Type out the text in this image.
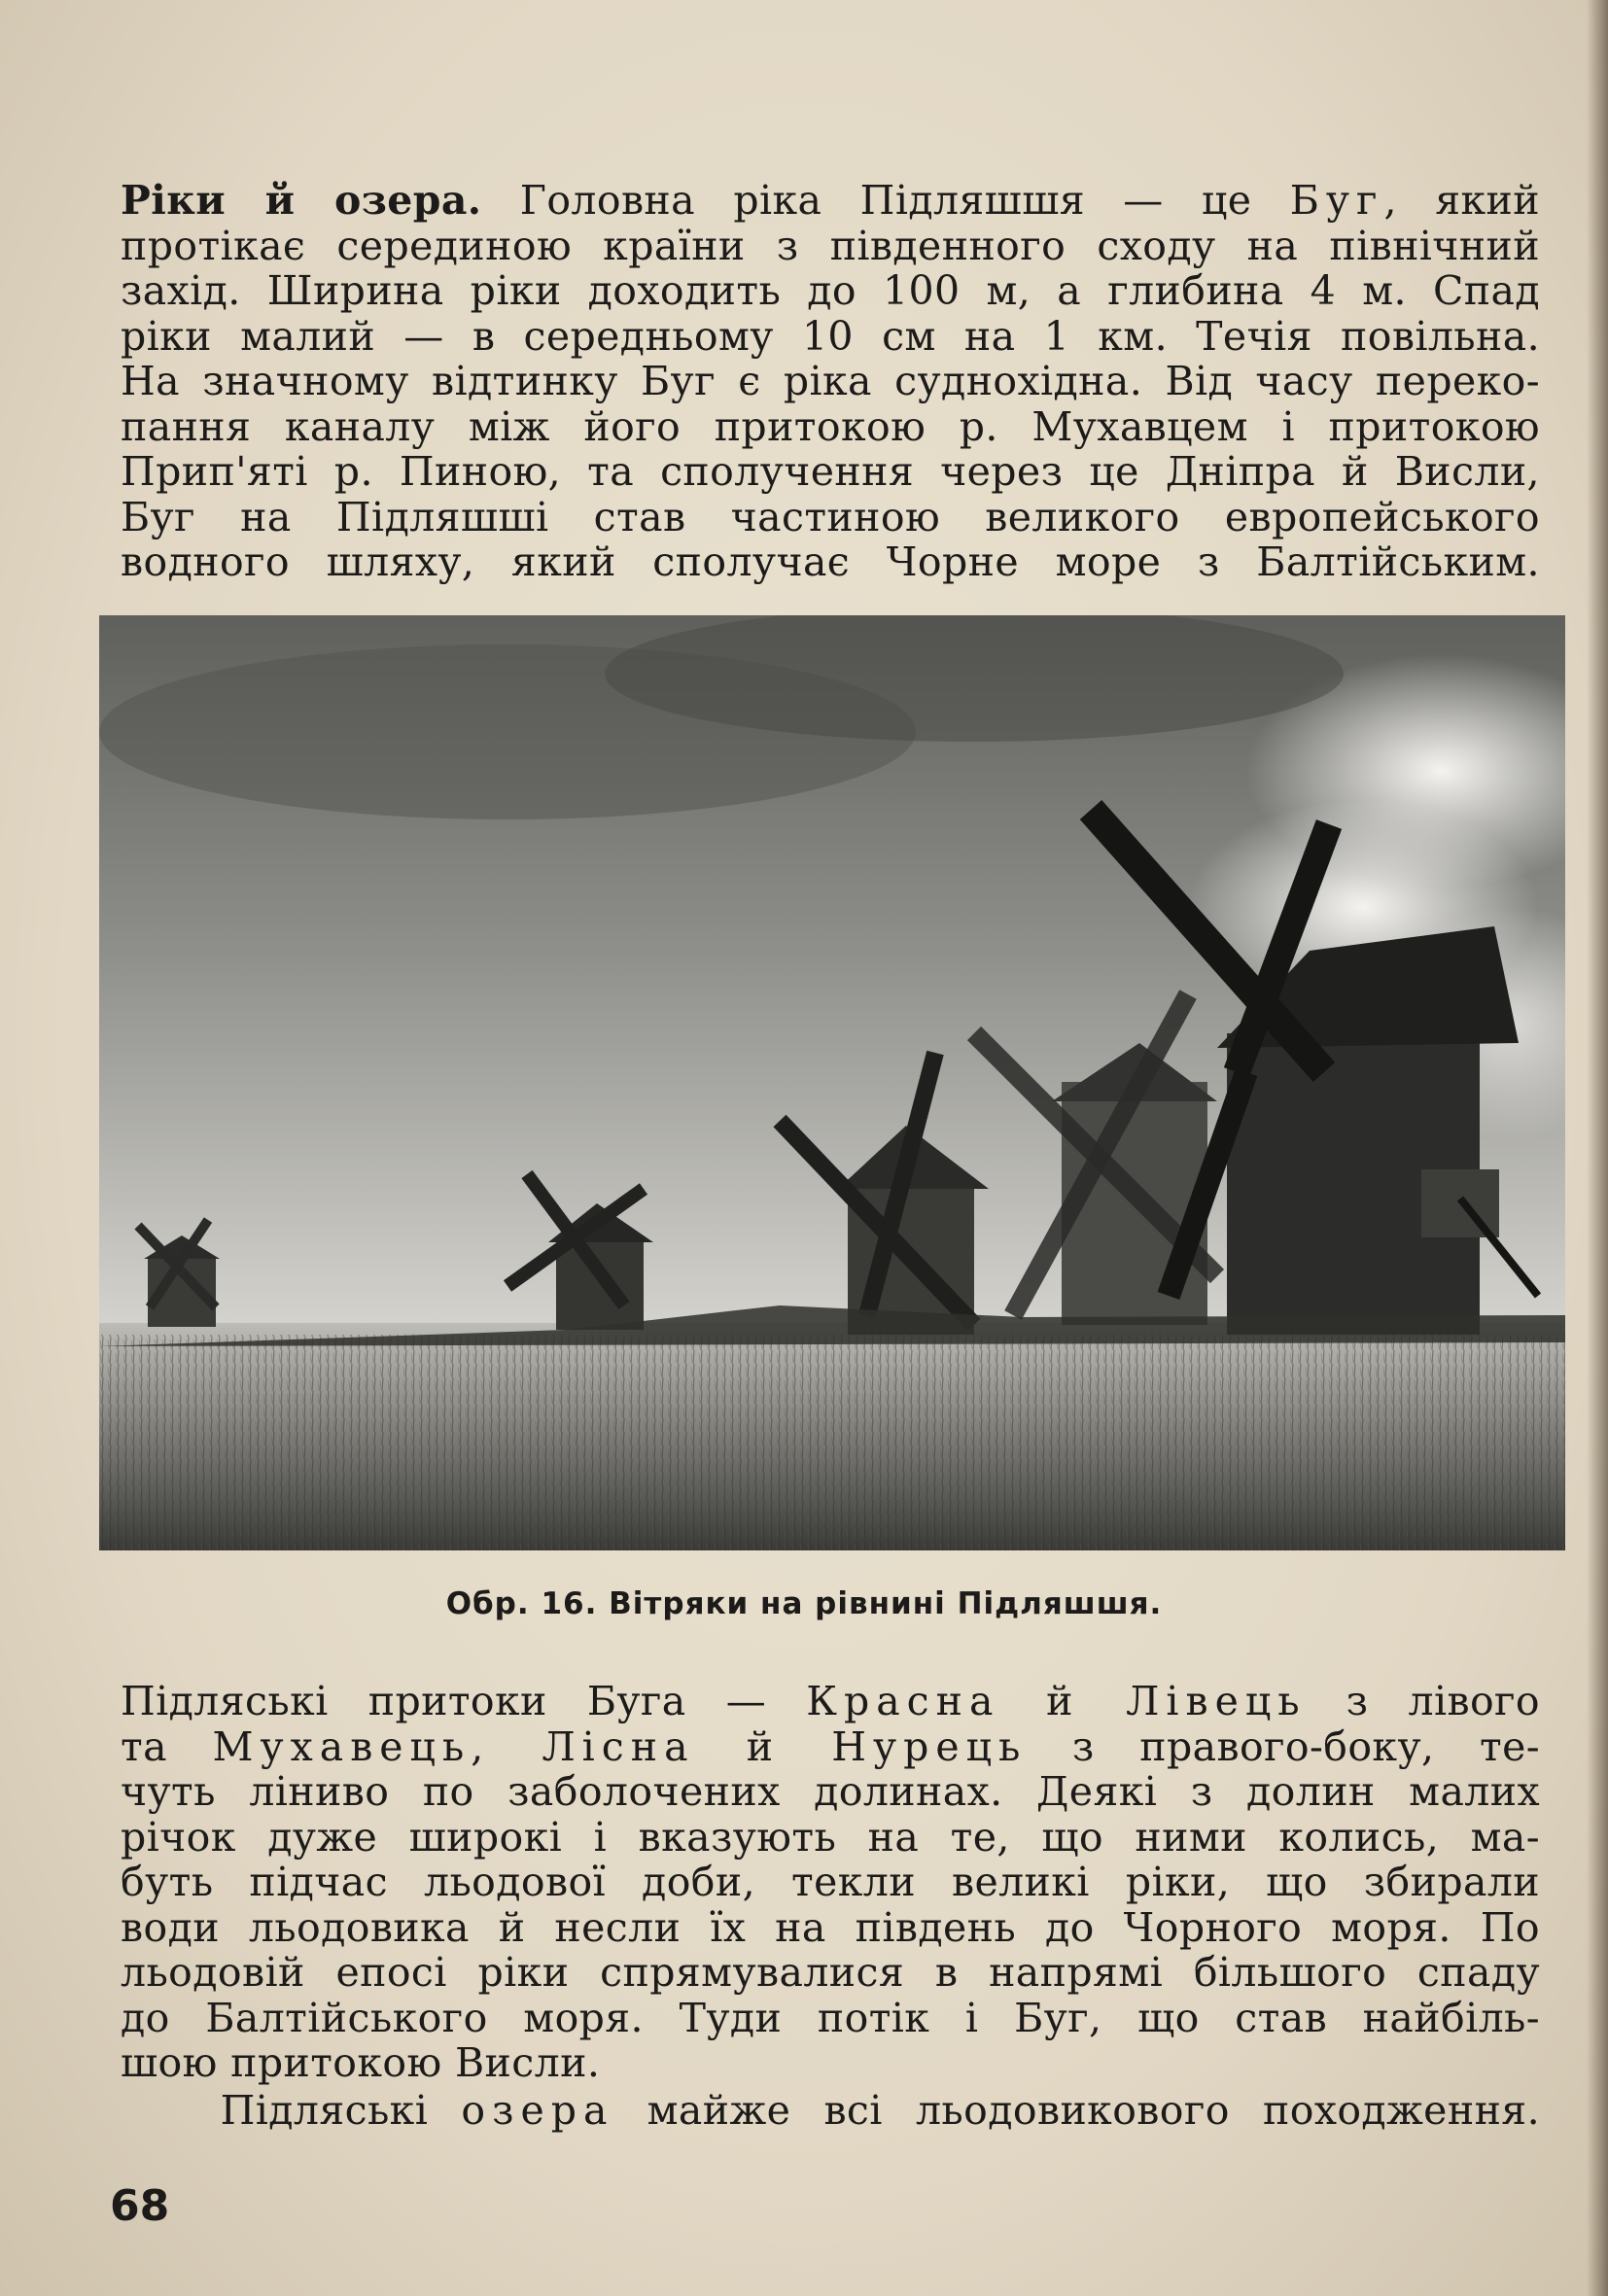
Ріки й озера. Головна ріка Підляшшя — це Буг, який
протікає серединою країни з південного сходу на північний
захід. Ширина ріки доходить до 100 м, а глибина 4 м. Спад
ріки малий — в середньому 10 см на 1 км. Течія повільна.
На значному відтинку Буг є ріка суднохідна. Від часу переко-
пання каналу між його притокою р. Мухавцем і притокою
Прип'яті р. Пиною, та сполучення через це Дніпра й Висли,
Буг на Підляшші став частиною великого европейського
водного шляху, який сполучає Чорне море з Балтійським.

Обр. 16. Вітряки на рівнині Підляшшя.

Підляські притоки Буга — Красна й Лівець з лівого
та Мухавець, Лісна й Нурець з правого-боку, те-
чуть ліниво по заболочених долинах. Деякі з долин малих
річок дуже широкі і вказують на те, що ними колись, ма-
буть підчас льодової доби, текли великі ріки, що збирали
води льодовика й несли їх на південь до Чорного моря. По
льодовій епосі ріки спрямувалися в напрямі більшого спаду
до Балтійського моря. Туди потік і Буг, що став найбіль-
шою притокою Висли.

Підляські озера майже всі льодовикового походження.

68
